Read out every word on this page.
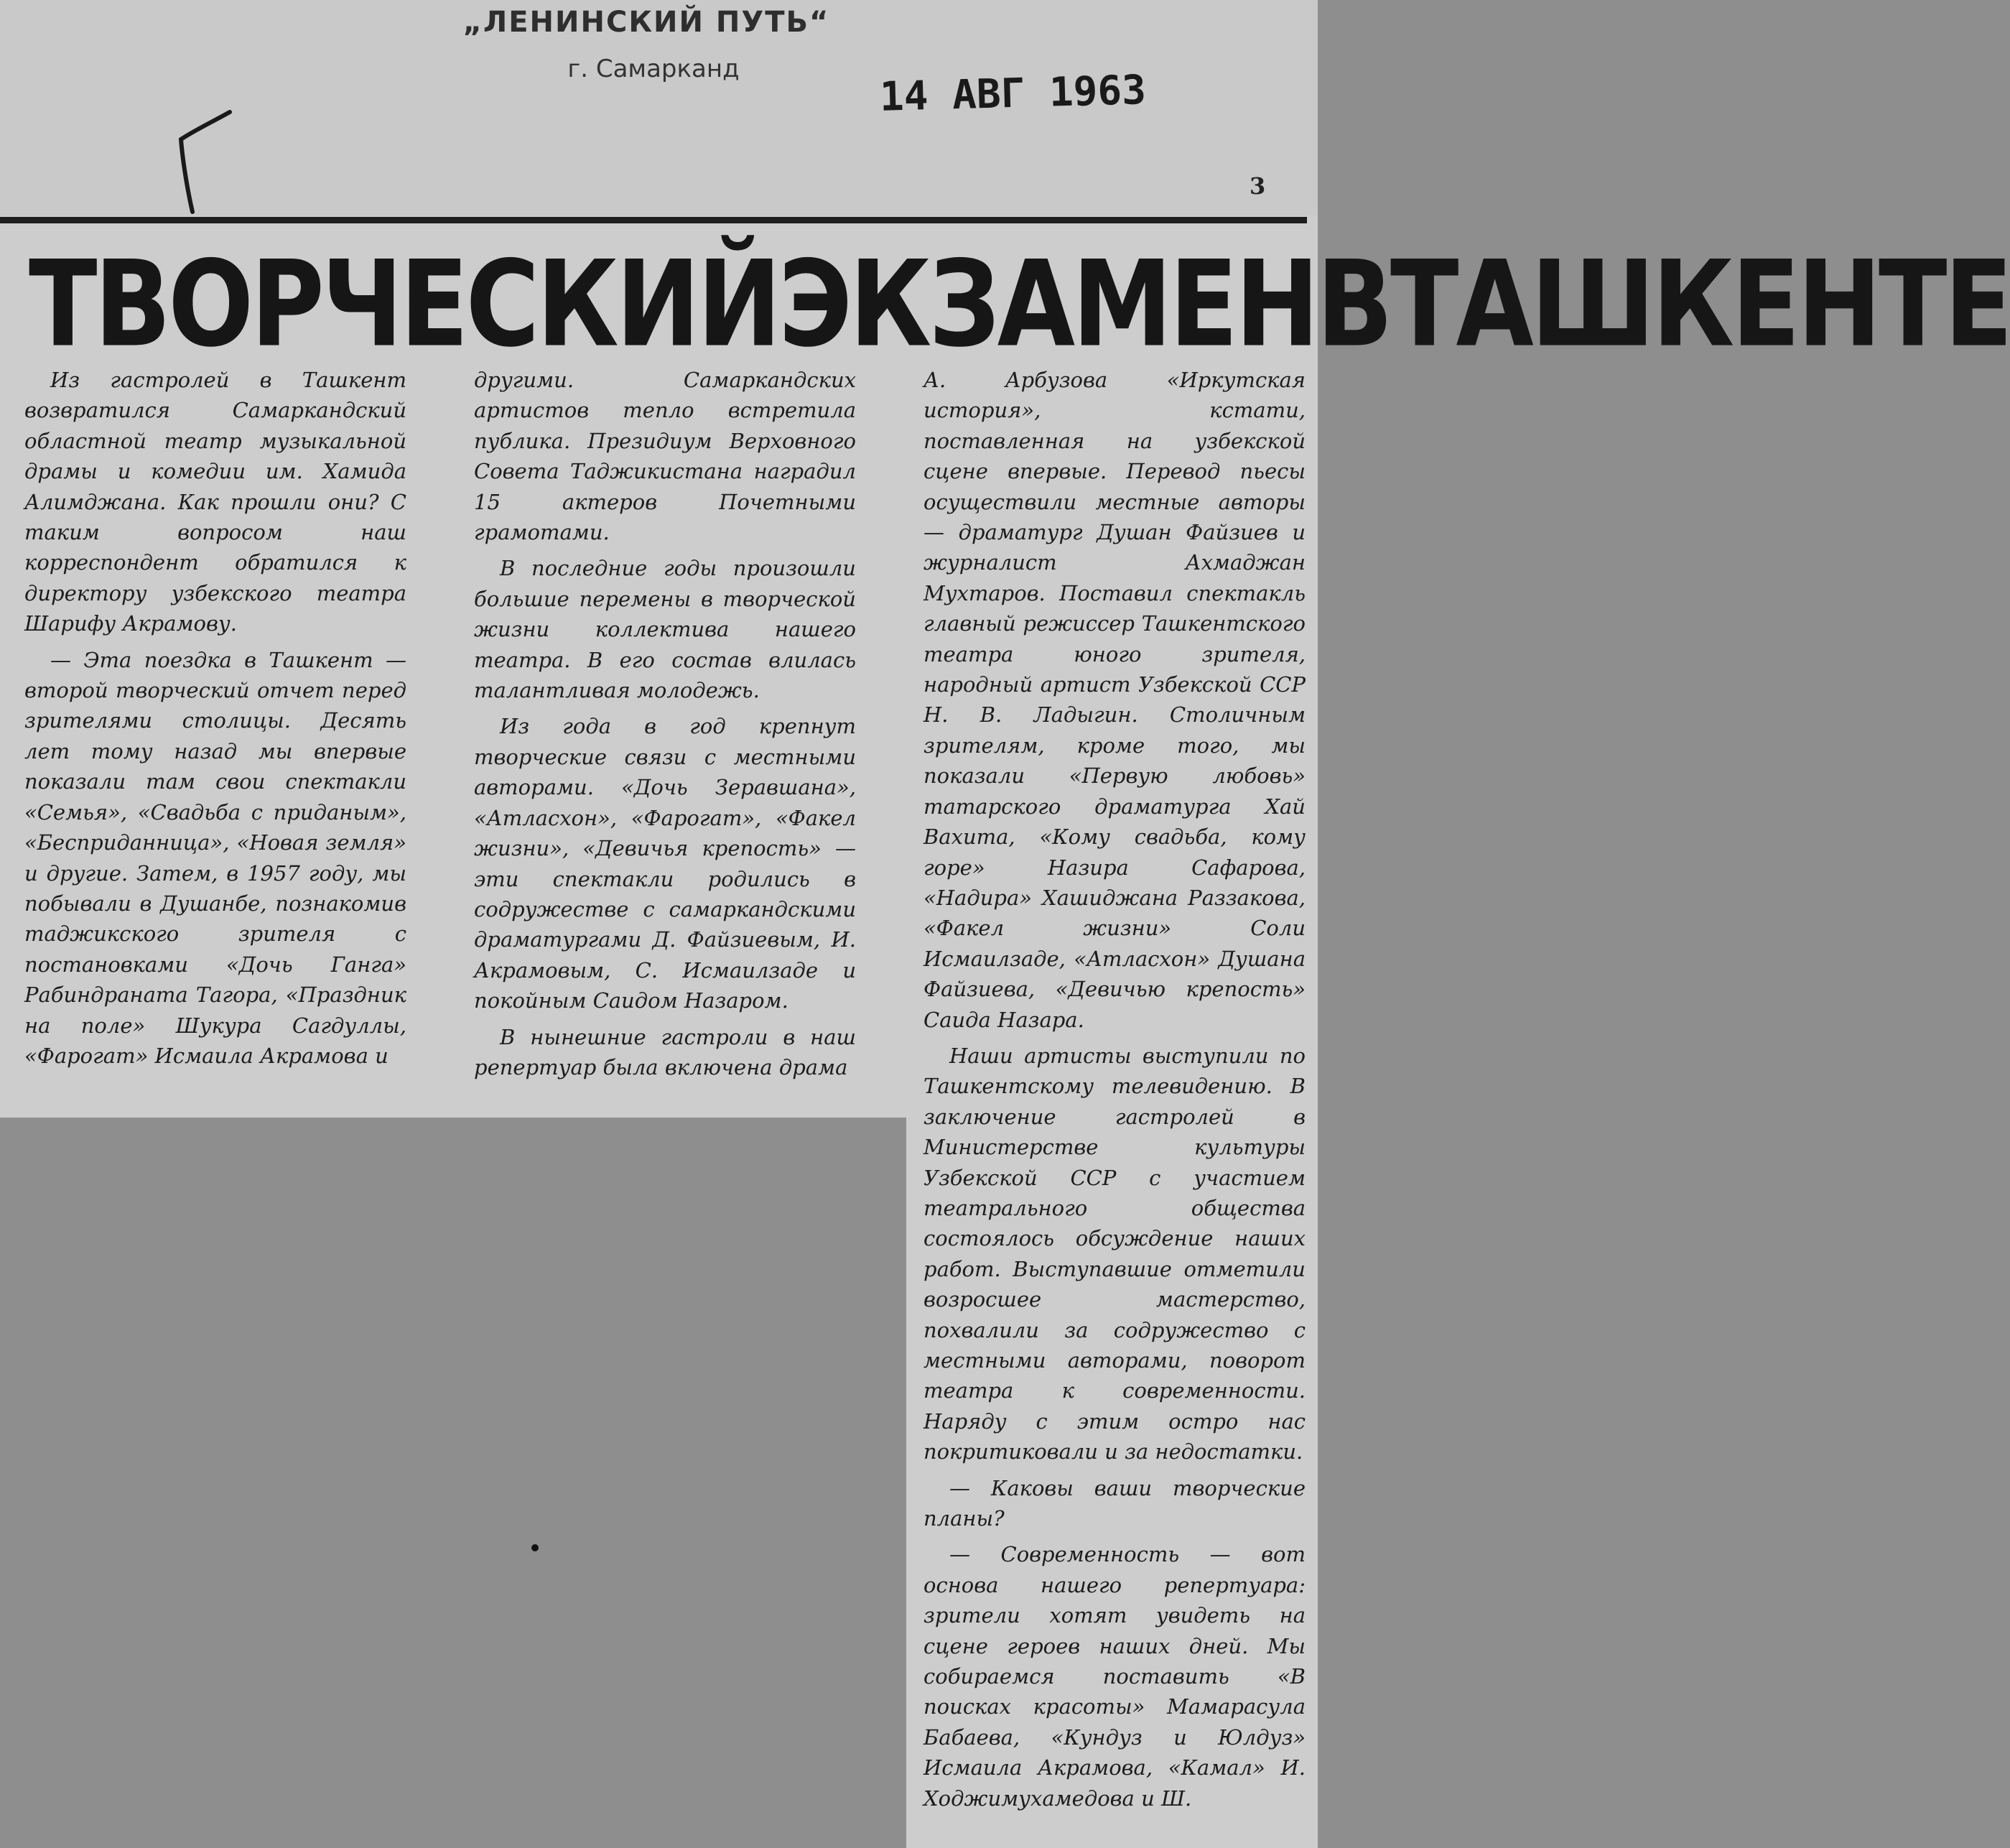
„ЛЕНИНСКИЙ ПУТЬ“
г. Самарканд	14 АВГ 1963
3
ТВОРЧЕСКИЙ ЭКЗАМЕН В ТАШКЕНТЕ

Из гастролей в Ташкент возвратился Самаркандский областной театр музыкальной драмы и комедии им. Хамида Алимджана. Как прошли они? С таким вопросом наш корреспондент обратился к директору узбекского театра Шарифу Акрамову.

— Эта поездка в Ташкент — второй творческий отчет перед зрителями столицы. Десять лет тому назад мы впервые показали там свои спектакли «Семья», «Свадьба с приданым», «Бесприданница», «Новая земля» и другие. Затем, в 1957 году, мы побывали в Душанбе, познакомив таджикского зрителя с постановками «Дочь Ганга» Рабиндраната Тагора, «Праздник на поле» Шукура Сагдуллы, «Фарогат» Исмаила Акрамова и

другими. Самаркандских артистов тепло встретила публика. Президиум Верховного Совета Таджикистана наградил 15 актеров Почетными грамотами.

В последние годы произошли большие перемены в творческой жизни коллектива нашего театра. В его состав влилась талантливая молодежь.

Из года в год крепнут творческие связи с местными авторами. «Дочь Зеравшана», «Атласхон», «Фарогат», «Факел жизни», «Девичья крепость» — эти спектакли родились в содружестве с самаркандскими драматургами Д. Файзиевым, И. Акрамовым, С. Исмаилзаде и покойным Саидом Назаром.

В нынешние гастроли в наш репертуар была включена драма

А. Арбузова «Иркутская история», кстати, поставленная на узбекской сцене впервые. Перевод пьесы осуществили местные авторы — драматург Душан Файзиев и журналист Ахмаджан Мухтаров. Поставил спектакль главный режиссер Ташкентского театра юного зрителя, народный артист Узбекской ССР Н. В. Ладыгин. Столичным зрителям, кроме того, мы показали «Первую любовь» татарского драматурга Хай Вахита, «Кому свадьба, кому горе» Назира Сафарова, «Надира» Хашиджана Раззакова, «Факел жизни» Соли Исмаилзаде, «Атласхон» Душана Файзиева, «Девичью крепость» Саида Назара.

Наши артисты выступили по Ташкентскому телевидению. В заключение гастролей в Министерстве культуры Узбекской ССР с участием театрального общества состоялось обсуждение наших работ. Выступавшие отметили возросшее мастерство, похвалили за содружество с местными авторами, поворот театра к современности. Наряду с этим остро нас покритиковали и за недостатки.

— Каковы ваши творческие планы?

— Современность — вот основа нашего репертуара: зрители хотят увидеть на сцене героев наших дней. Мы собираемся поставить «В поисках красоты» Мамарасула Бабаева, «Кундуз и Юлдуз» Исмаила Акрамова, «Камал» И. Ходжимухамедова и Ш.
